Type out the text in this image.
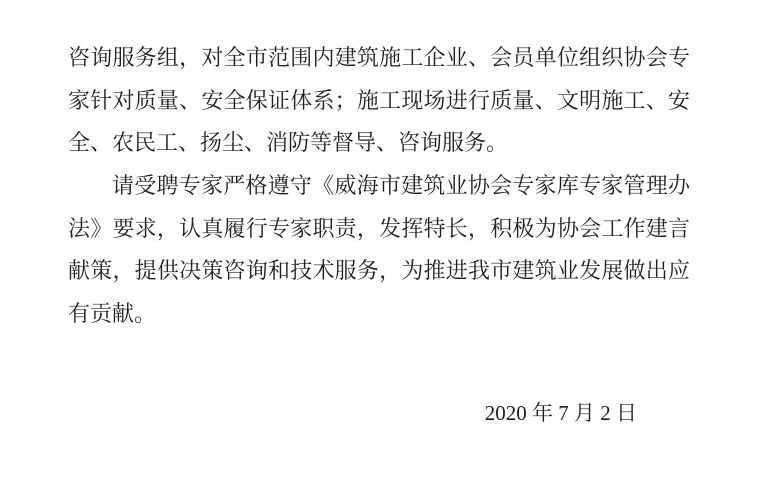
咨询服务组，对全市范围内建筑施工企业、会员单位组织协会专
家针对质量、安全保证体系；施工现场进行质量、文明施工、安
全、农民工、扬尘、消防等督导、咨询服务。
请受聘专家严格遵守《威海市建筑业协会专家库专家管理办
法》要求，认真履行专家职责，发挥特长，积极为协会工作建言
献策，提供决策咨询和技术服务，为推进我市建筑业发展做出应
有贡献。
2020 年 7 月 2 日
